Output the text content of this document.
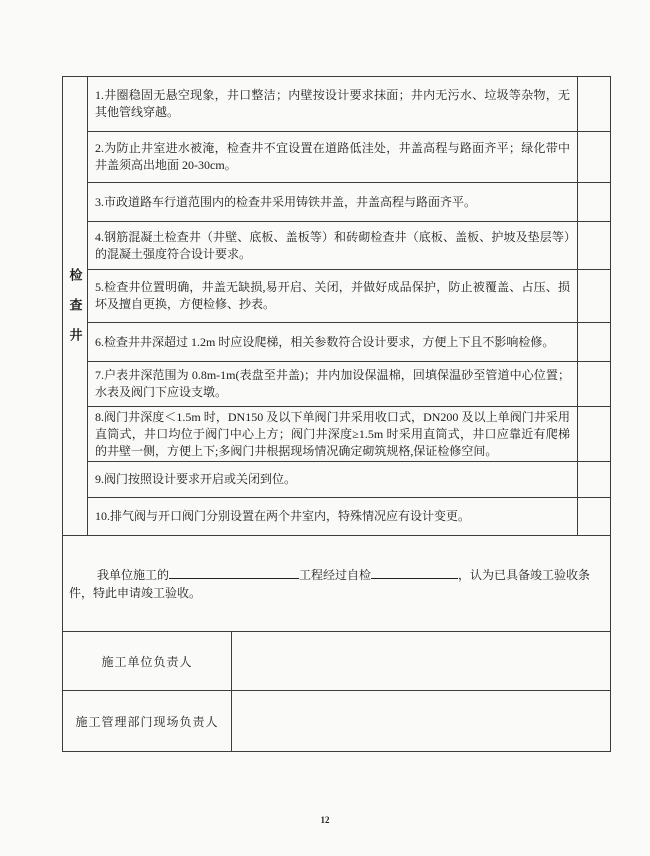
检查井
1.井圈稳固无悬空现象，井口整洁；内壁按设计要求抹面；井内无污水、垃圾等杂物，无其他管线穿越。
2.为防止井室进水被淹，检查井不宜设置在道路低洼处，井盖高程与路面齐平；绿化带中井盖须高出地面 20-30cm。
3.市政道路车行道范围内的检查井采用铸铁井盖，井盖高程与路面齐平。
4.钢筋混凝土检查井（井壁、底板、盖板等）和砖砌检查井（底板、盖板、护坡及垫层等）的混凝土强度符合设计要求。
5.检查井位置明确，井盖无缺损,易开启、关闭，并做好成品保护，防止被覆盖、占压、损坏及擅自更换，方便检修、抄表。
6.检查井井深超过 1.2m 时应设爬梯，相关参数符合设计要求，方便上下且不影响检修。
7.户表井深范围为 0.8m-1m(表盘至井盖)；井内加设保温棉，回填保温砂至管道中心位置；水表及阀门下应设支墩。
8.阀门井深度＜1.5m 时，DN150 及以下单阀门井采用收口式，DN200 及以上单阀门井采用直筒式，井口均位于阀门中心上方；阀门井深度≥1.5m 时采用直筒式，井口应靠近有爬梯的井壁一侧，方便上下;多阀门井根据现场情况确定砌筑规格,保证检修空间。
9.阀门按照设计要求开启或关闭到位。
10.排气阀与开口阀门分别设置在两个井室内，特殊情况应有设计变更。
我单位施工的	工程经过自检	，认为已具备竣工验收条件，特此申请竣工验收。
施工单位负责人
施工管理部门现场负责人
12
